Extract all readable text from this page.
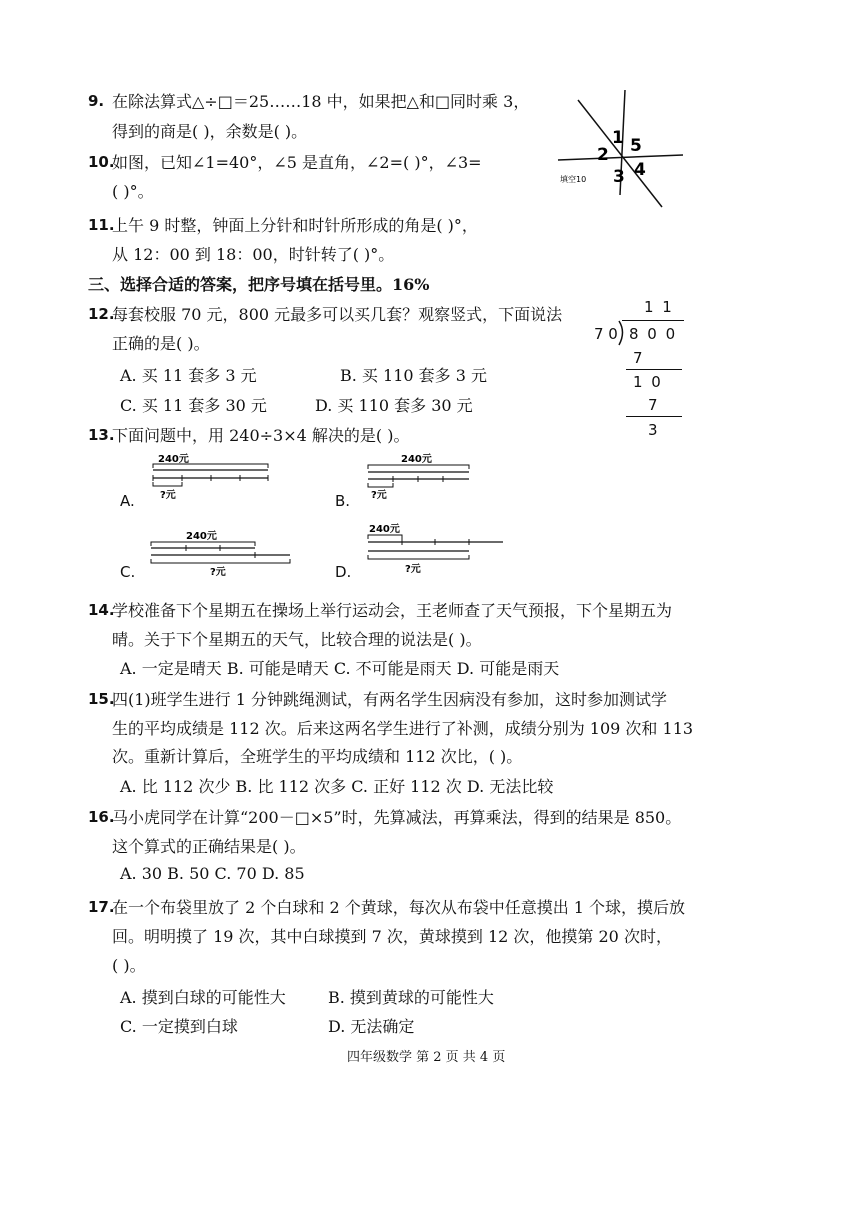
9. 在除法算式△÷□＝25……18 中，如果把△和□同时乘 3，
得到的商是( )，余数是( )。
10.
如图，已知∠1=40°，∠5 是直角，∠2=( )°，∠3=
( )°。
1
2 5
3 4
填空10
11.
上午 9 时整，钟面上分针和时针所形成的角是( )°，
从 12：00 到 18：00，时针转了( )°。
三、选择合适的答案，把序号填在括号里。16%
12.
每套校服 70 元，800 元最多可以买几套？观察竖式，下面说法
正确的是( )。
A. 买 11 套多 3 元	B. 买 110 套多 3 元
C. 买 11 套多 30 元	D. 买 110 套多 30 元
1 1
7 0 8 0 0
7
1 0
7
3
13.
下面问题中，用 240÷3×4 解决的是( )。
A.
240元
?元	B.
240元
?元
C.
240元
?元	D.
240元
?元
14.
学校准备下个星期五在操场上举行运动会，王老师查了天气预报，下个星期五为
晴。关于下个星期五的天气，比较合理的说法是( )。
A. 一定是晴天 B. 可能是晴天 C. 不可能是雨天 D. 可能是雨天
15.
四(1)班学生进行 1 分钟跳绳测试，有两名学生因病没有参加，这时参加测试学
生的平均成绩是 112 次。后来这两名学生进行了补测，成绩分别为 109 次和 113
次。重新计算后，全班学生的平均成绩和 112 次比，( )。
A. 比 112 次少 B. 比 112 次多 C. 正好 112 次 D. 无法比较
16.
马小虎同学在计算“200－□×5”时，先算减法，再算乘法，得到的结果是 850。
这个算式的正确结果是( )。
A. 30 B. 50 C. 70 D. 85
17.
在一个布袋里放了 2 个白球和 2 个黄球，每次从布袋中任意摸出 1 个球，摸后放
回。明明摸了 19 次，其中白球摸到 7 次，黄球摸到 12 次，他摸第 20 次时，
( )。
A. 摸到白球的可能性大	B. 摸到黄球的可能性大
C. 一定摸到白球	D. 无法确定
四年级数学 第 2 页 共 4 页
